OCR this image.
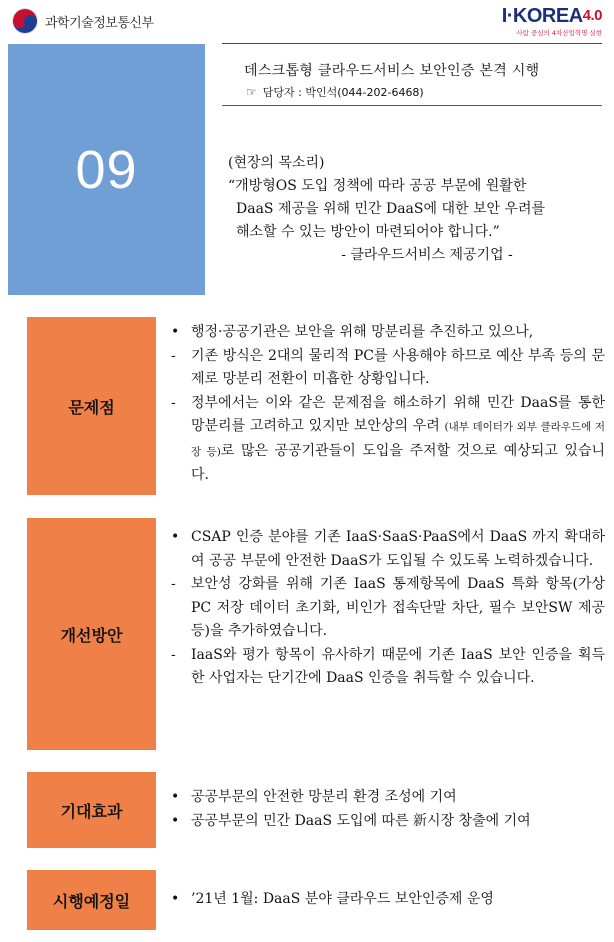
과학기술정보통신부	I·KOREA4.0
사람 중심의 4차산업혁명 실현
09
데스크톱형 클라우드서비스 보안인증 본격 시행
☞ 담당자 : 박인석(044-202-6468)
(현장의 목소리)
“개방형OS 도입 정책에 따라 공공 부문에 원활한
DaaS 제공을 위해 민간 DaaS에 대한 보안 우려를
해소할 수 있는 방안이 마련되어야 합니다.”
- 클라우드서비스 제공기업 -
문제점
• 행정·공공기관은 보안을 위해 망분리를 추진하고 있으나,
-	기존 방식은 2대의 물리적 PC를 사용해야 하므로 예산 부족 등의 문제로 망분리 전환이 미흡한 상황입니다.
-	정부에서는 이와 같은 문제점을 해소하기 위해 민간 DaaS를 통한 망분리를 고려하고 있지만 보안상의 우려 (내부 데이터가 외부 클라우드에 저장 등)로 많은 공공기관들이 도입을 주저할 것으로 예상되고 있습니다.
개선방안
• CSAP 인증 분야를 기존 IaaS·SaaS·PaaS에서 DaaS 까지 확대하여 공공 부문에 안전한 DaaS가 도입될 수 있도록 노력하겠습니다.
-	보안성 강화를 위해 기존 IaaS 통제항목에 DaaS 특화 항목(가상PC 저장 데이터 초기화, 비인가 접속단말 차단, 필수 보안SW 제공 등)을 추가하였습니다.
-	IaaS와 평가 항목이 유사하기 때문에 기존 IaaS 보안 인증을 획득한 사업자는 단기간에 DaaS 인증을 취득할 수 있습니다.
기대효과
• 공공부문의 안전한 망분리 환경 조성에 기여
• 공공부문의 민간 DaaS 도입에 따른 新시장 창출에 기여
시행예정일	• ’21년 1월: DaaS 분야 클라우드 보안인증제 운영
